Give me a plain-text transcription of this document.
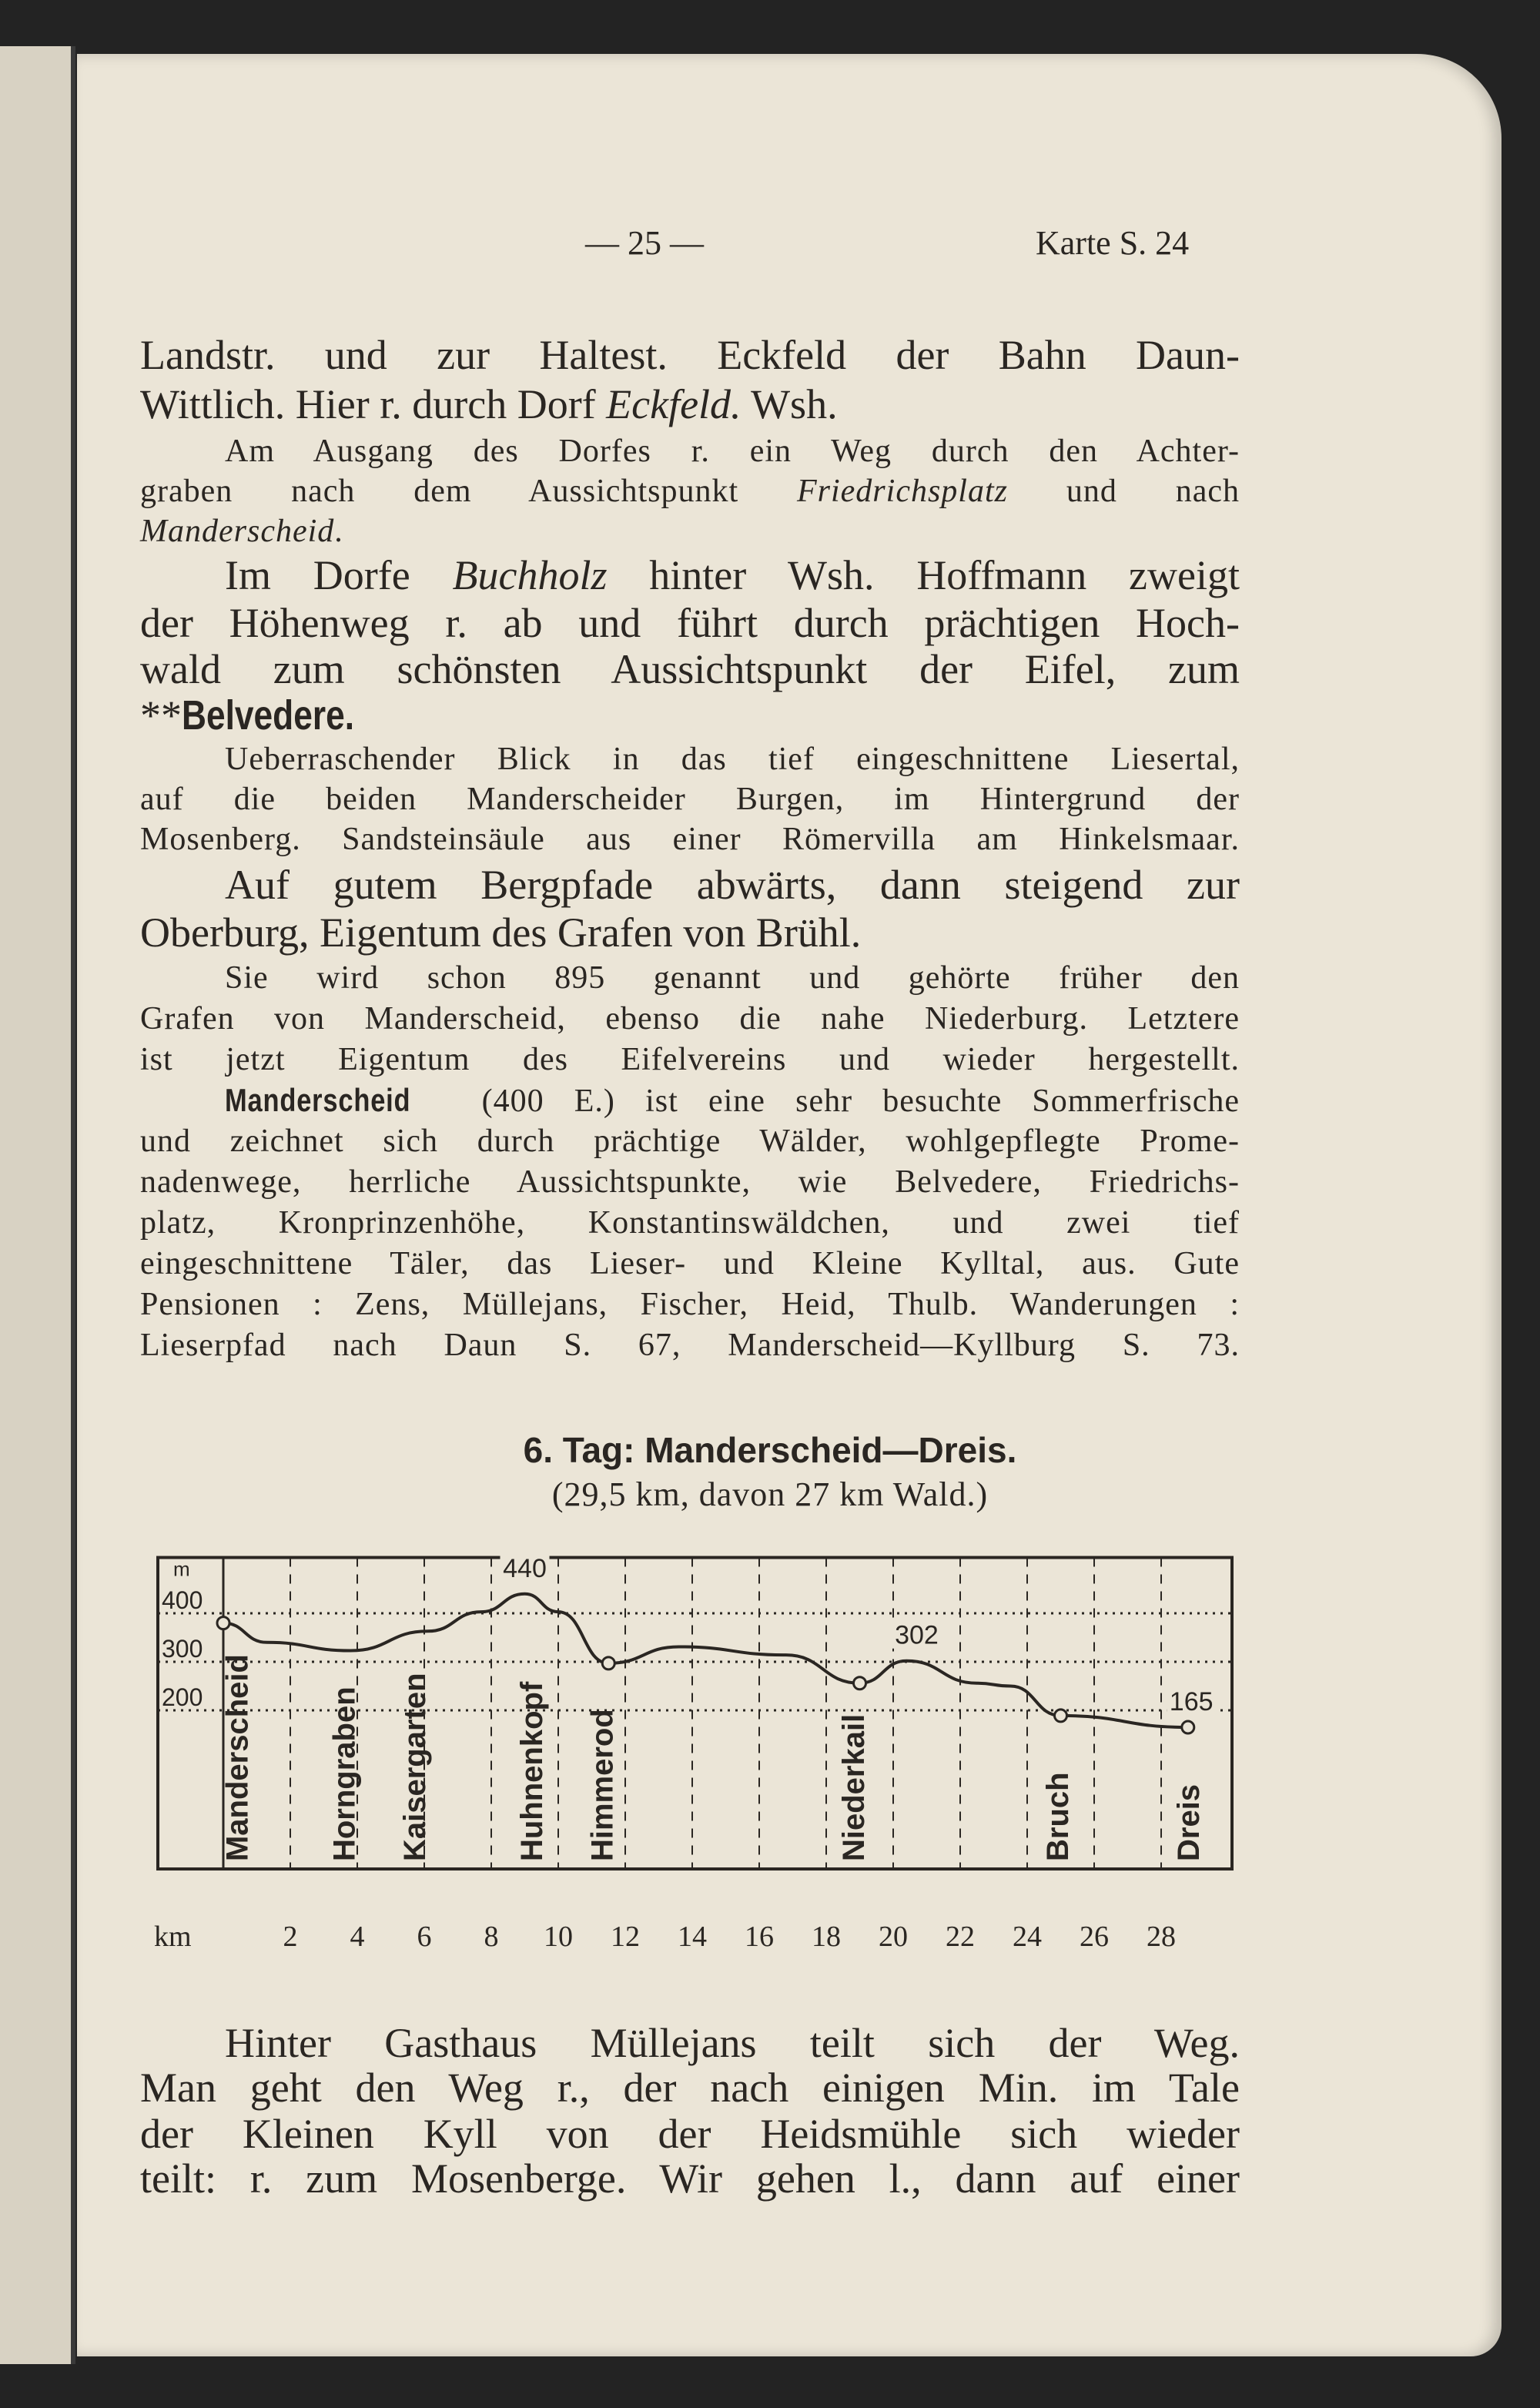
— 25 —	Karte S. 24
Landstr. und zur Haltest. Eckfeld der Bahn Daun-
Wittlich. Hier r. durch Dorf Eckfeld. Wsh.
Am Ausgang des Dorfes r. ein Weg durch den Achter-
graben nach dem Aussichtspunkt Friedrichsplatz und nach
Manderscheid.
Im Dorfe Buchholz hinter Wsh. Hoffmann zweigt
der Höhenweg r. ab und führt durch prächtigen Hoch-
wald zum schönsten Aussichtspunkt der Eifel, zum
**Belvedere.
Ueberraschender Blick in das tief eingeschnittene Liesertal,
auf die beiden Manderscheider Burgen, im Hintergrund der
Mosenberg. Sandsteinsäule aus einer Römervilla am Hinkelsmaar.
Auf gutem Bergpfade abwärts, dann steigend zur
Oberburg, Eigentum des Grafen von Brühl.
Sie wird schon 895 genannt und gehörte früher den
Grafen von Manderscheid, ebenso die nahe Niederburg. Letztere
ist jetzt Eigentum des Eifelvereins und wieder hergestellt.
Manderscheid (400 E.) ist eine sehr besuchte Sommerfrische
und zeichnet sich durch prächtige Wälder, wohlgepflegte Prome-
nadenwege, herrliche Aussichtspunkte, wie Belvedere, Friedrichs-
platz, Kronprinzenhöhe, Konstantinswäldchen, und zwei tief
eingeschnittene Täler, das Lieser- und Kleine Kylltal, aus. Gute
Pensionen : Zens, Müllejans, Fischer, Heid, Thulb. Wanderungen :
Lieserpfad nach Daun S. 67, Manderscheid—Kyllburg S. 73.
Hinter Gasthaus Müllejans teilt sich der Weg.
Man geht den Weg r., der nach einigen Min. im Tale
der Kleinen Kyll von der Heidsmühle sich wieder
teilt: r. zum Mosenberge. Wir gehen l., dann auf einer
6. Tag: Manderscheid—Dreis.
(29,5 km, davon 27 km Wald.)
400
300
200
m	440
302
165
Manderscheid Horngraben Kaisergarten	Huhnenkopf Himmerod	Niederkail	Bruch	Dreis
km	2 4 6 8 10 12 14 16 18 20 22 24 26 28
